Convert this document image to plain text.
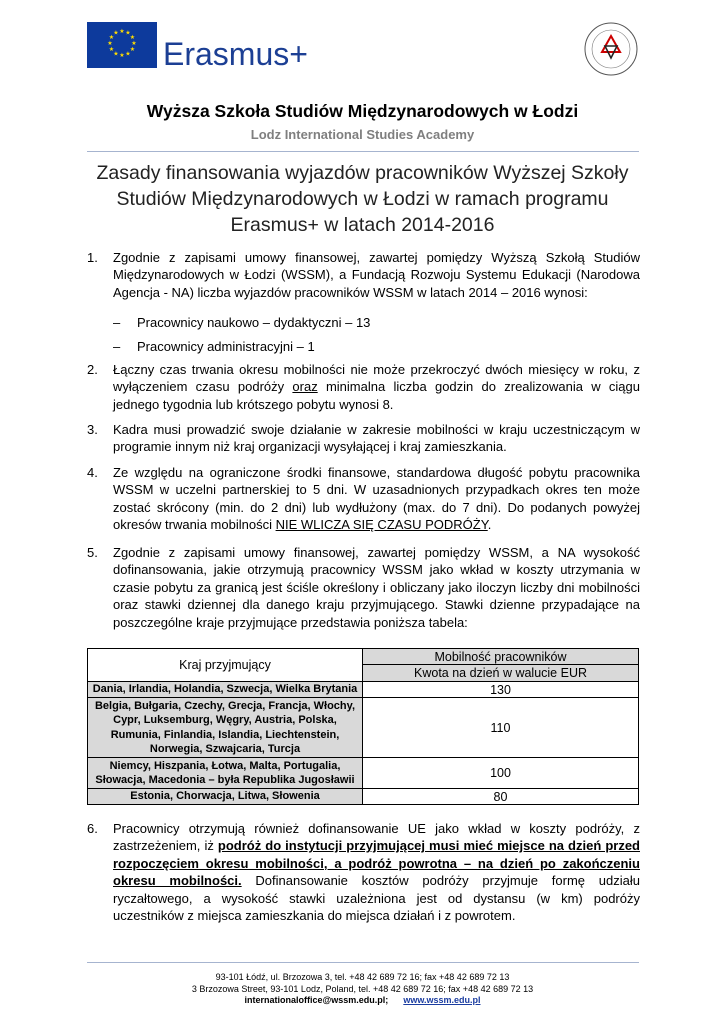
★ ★
★
★
★
★
★
★
★
★
★
★
Erasmus+
Wyższa Szkoła Studiów Międzynarodowych w Łodzi
Lodz International Studies Academy
Zasady finansowania wyjazdów pracowników Wyższej Szkoły
Studiów Międzynarodowych w Łodzi w ramach programu
Erasmus+ w latach 2014-2016
1. Zgodnie z zapisami umowy finansowej, zawartej pomiędzy Wyższą Szkołą Studiów Międzynarodowych w Łodzi (WSSM), a Fundacją Rozwoju Systemu Edukacji (Narodowa Agencja - NA) liczba wyjazdów pracowników WSSM w latach 2014 – 2016 wynosi:
– Pracownicy naukowo – dydaktyczni – 13
– Pracownicy administracyjni – 1
2. Łączny czas trwania okresu mobilności nie może przekroczyć dwóch miesięcy w roku, z wyłączeniem czasu podróży oraz minimalna liczba godzin do zrealizowania w ciągu jednego tygodnia lub krótszego pobytu wynosi 8.
3. Kadra musi prowadzić swoje działanie w zakresie mobilności w kraju uczestniczącym w programie innym niż kraj organizacji wysyłającej i kraj zamieszkania.
4. Ze względu na ograniczone środki finansowe, standardowa długość pobytu pracownika WSSM w uczelni partnerskiej to 5 dni. W uzasadnionych przypadkach okres ten może zostać skrócony (min. do 2 dni) lub wydłużony (max. do 7 dni). Do podanych powyżej okresów trwania mobilności NIE WLICZA SIĘ CZASU PODRÓŻY.
5. Zgodnie z zapisami umowy finansowej, zawartej pomiędzy WSSM, a NA wysokość dofinansowania, jakie otrzymują pracownicy WSSM jako wkład w koszty utrzymania w czasie pobytu za granicą jest ściśle określony i obliczany jako iloczyn liczby dni mobilności oraz stawki dziennej dla danego kraju przyjmującego. Stawki dzienne przypadające na poszczególne kraje przyjmujące przedstawia poniższa tabela:
Kraj przyjmujący	Mobilność pracowników
	Kwota na dzień w walucie EUR
Dania, Irlandia, Holandia, Szwecja, Wielka Brytania	130
Belgia, Bułgaria, Czechy, Grecja, Francja, Włochy, Cypr, Luksemburg, Węgry, Austria, Polska, Rumunia, Finlandia, Islandia, Liechtenstein, Norwegia, Szwajcaria, Turcja	110
Niemcy, Hiszpania, Łotwa, Malta, Portugalia, Słowacja, Macedonia – była Republika Jugosławii	100
Estonia, Chorwacja, Litwa, Słowenia	80
6. Pracownicy otrzymują również dofinansowanie UE jako wkład w koszty podróży, z zastrzeżeniem, iż podróż do instytucji przyjmującej musi mieć miejsce na dzień przed rozpoczęciem okresu mobilności, a podróż powrotna – na dzień po zakończeniu okresu mobilności. Dofinansowanie kosztów podróży przyjmuje formę udziału ryczałtowego, a wysokość stawki uzależniona jest od dystansu (w km) podróży uczestników z miejsca zamieszkania do miejsca działań i z powrotem.
93-101 Łódź, ul. Brzozowa 3, tel. +48 42 689 72 16; fax +48 42 689 72 13
3 Brzozowa Street, 93-101 Lodz, Poland, tel. +48 42 689 72 16; fax +48 42 689 72 13
internationaloffice@wssm.edu.pl; www.wssm.edu.pl
